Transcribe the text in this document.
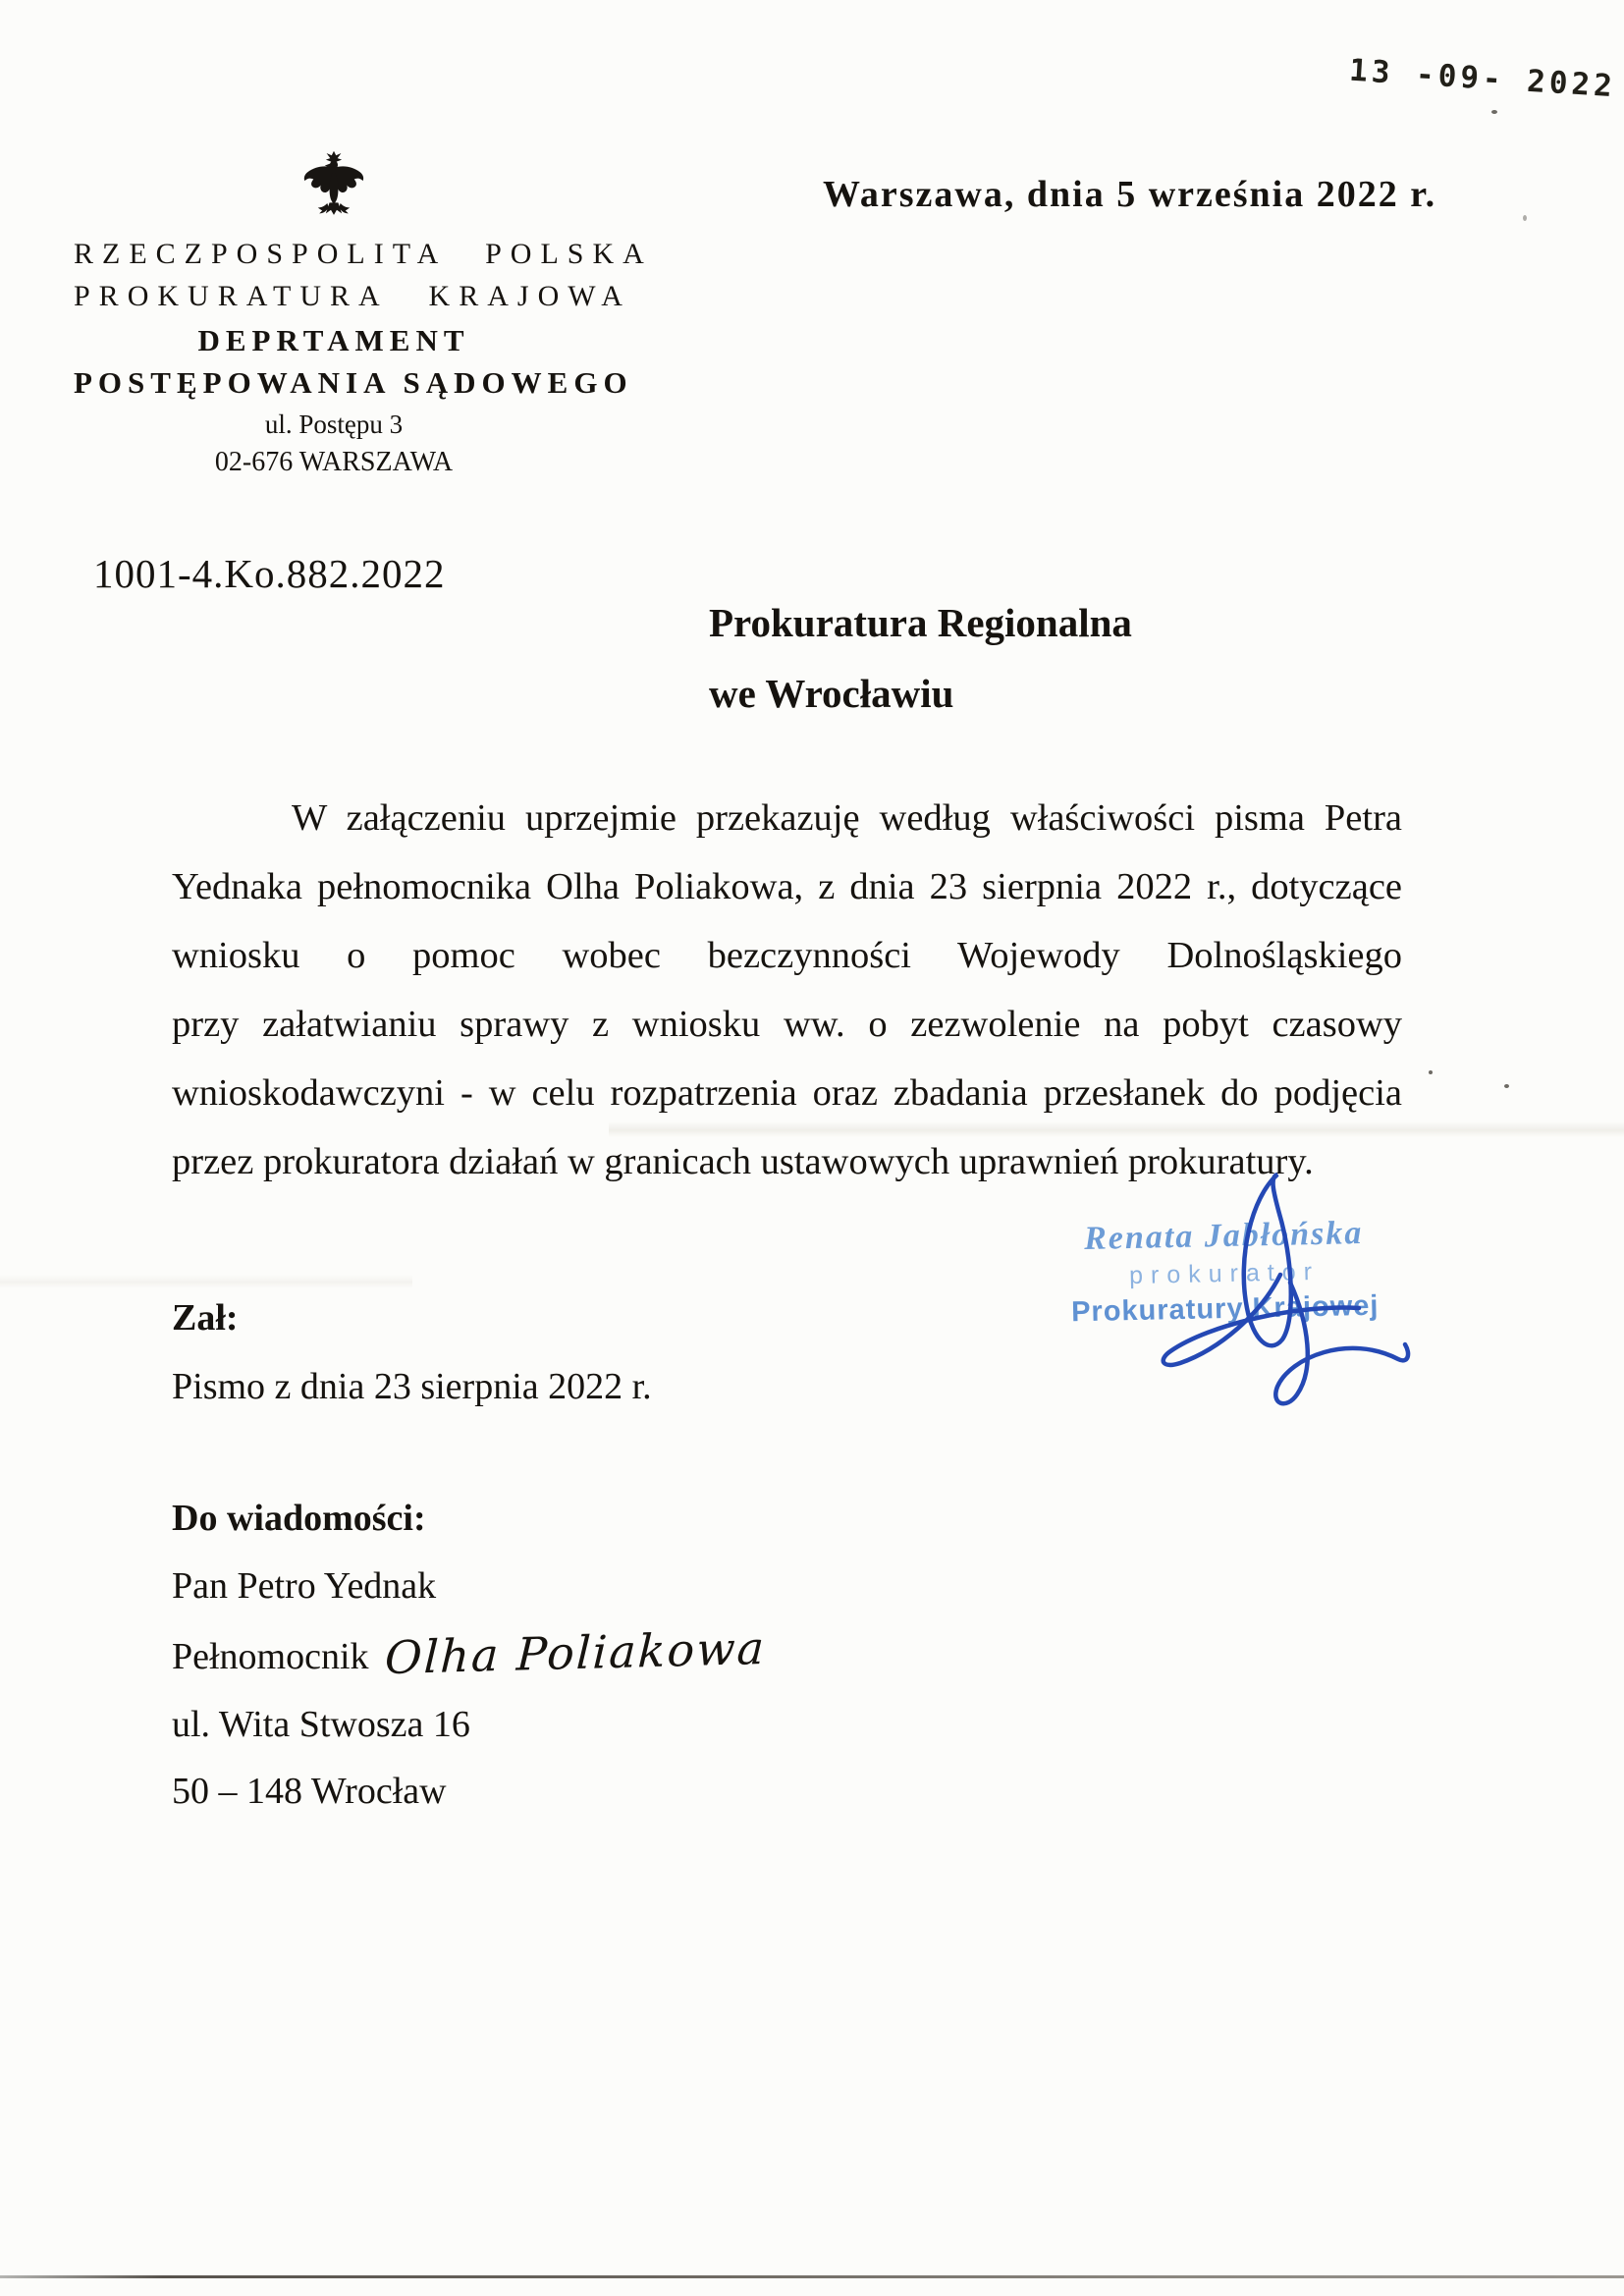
13 -09- 2022
RZECZPOSPOLITA POLSKA
PROKURATURA KRAJOWA
DEPRTAMENT
POSTĘPOWANIA SĄDOWEGO
ul. Postępu 3
02-676 WARSZAWA
Warszawa, dnia 5 września 2022 r.
1001-4.Ko.882.2022
Prokuratura Regionalna
we Wrocławiu
W załączeniu uprzejmie przekazuję według właściwości pisma Petra
Yednaka pełnomocnika Olha Poliakowa, z dnia 23 sierpnia 2022 r., dotyczące
wniosku o pomoc wobec bezczynności Wojewody Dolnośląskiego
przy załatwianiu sprawy z wniosku ww. o zezwolenie na pobyt czasowy
wnioskodawczyni - w celu rozpatrzenia oraz zbadania przesłanek do podjęcia
przez prokuratora działań w granicach ustawowych uprawnień prokuratury.
Renata Jabłońska
prokurator
Prokuratury Krajowej
Zał:
Pismo z dnia 23 sierpnia 2022 r.
Do wiadomości:
Pan Petro Yednak
Pełnomocnik Olha Poliakowa
ul. Wita Stwosza 16
50 – 148 Wrocław
